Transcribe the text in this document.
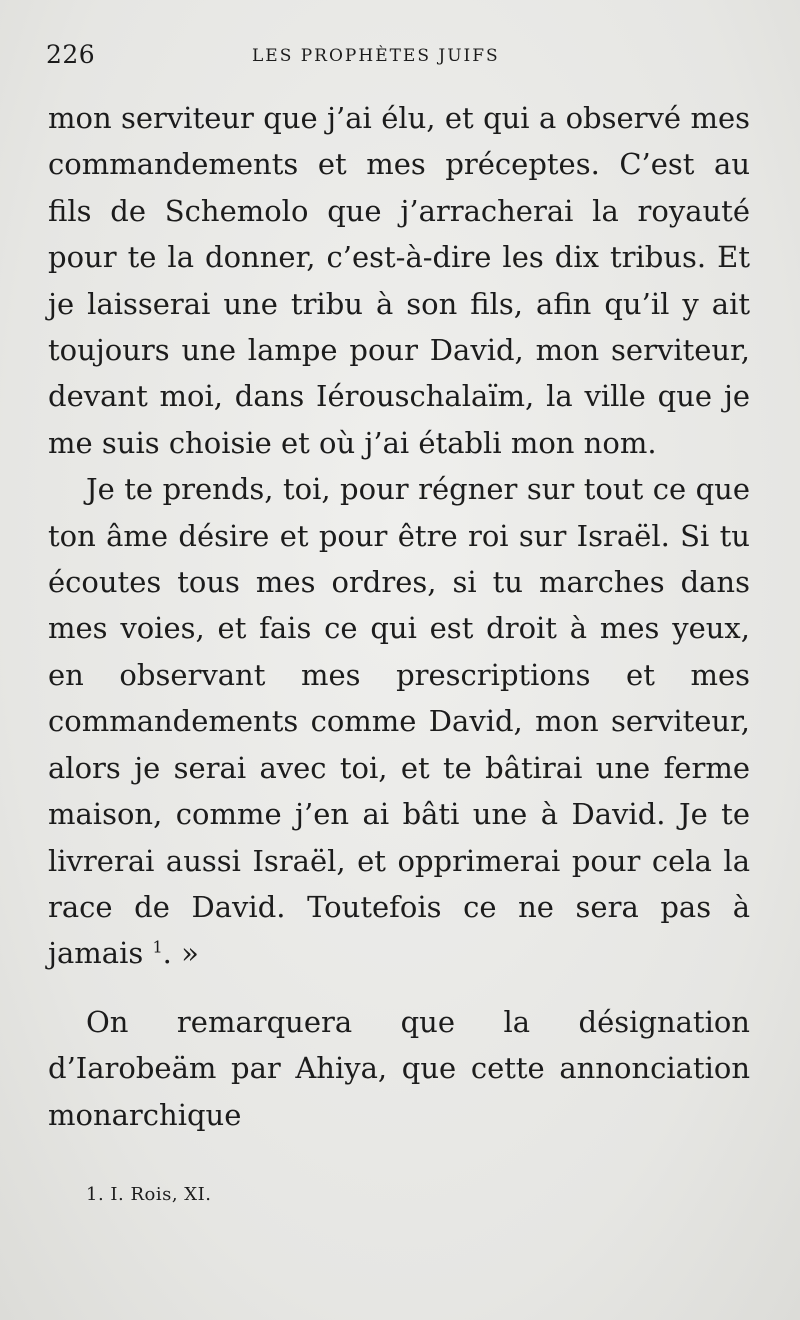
226	LES PROPHÈTES JUIFS

mon serviteur que j’ai élu, et qui a observé mes commandements et mes préceptes. C’est au fils de Schemolo que j’arracherai la royauté pour te la donner, c’est-à-dire les dix tribus. Et je laisserai une tribu à son fils, afin qu’il y ait toujours une lampe pour David, mon serviteur, devant moi, dans Iérouschalaïm, la ville que je me suis choisie et où j’ai établi mon nom.

Je te prends, toi, pour régner sur tout ce que ton âme désire et pour être roi sur Israël. Si tu écoutes tous mes ordres, si tu marches dans mes voies, et fais ce qui est droit à mes yeux, en observant mes prescriptions et mes commandements comme David, mon serviteur, alors je serai avec toi, et te bâtirai une ferme maison, comme j’en ai bâti une à David. Je te livrerai aussi Israël, et opprimerai pour cela la race de David. Toutefois ce ne sera pas à jamais $^1$. »

On remarquera que la désignation d’Iarobeäm par Ahiya, que cette annonciation monarchique

1. I. Rois, XI.
